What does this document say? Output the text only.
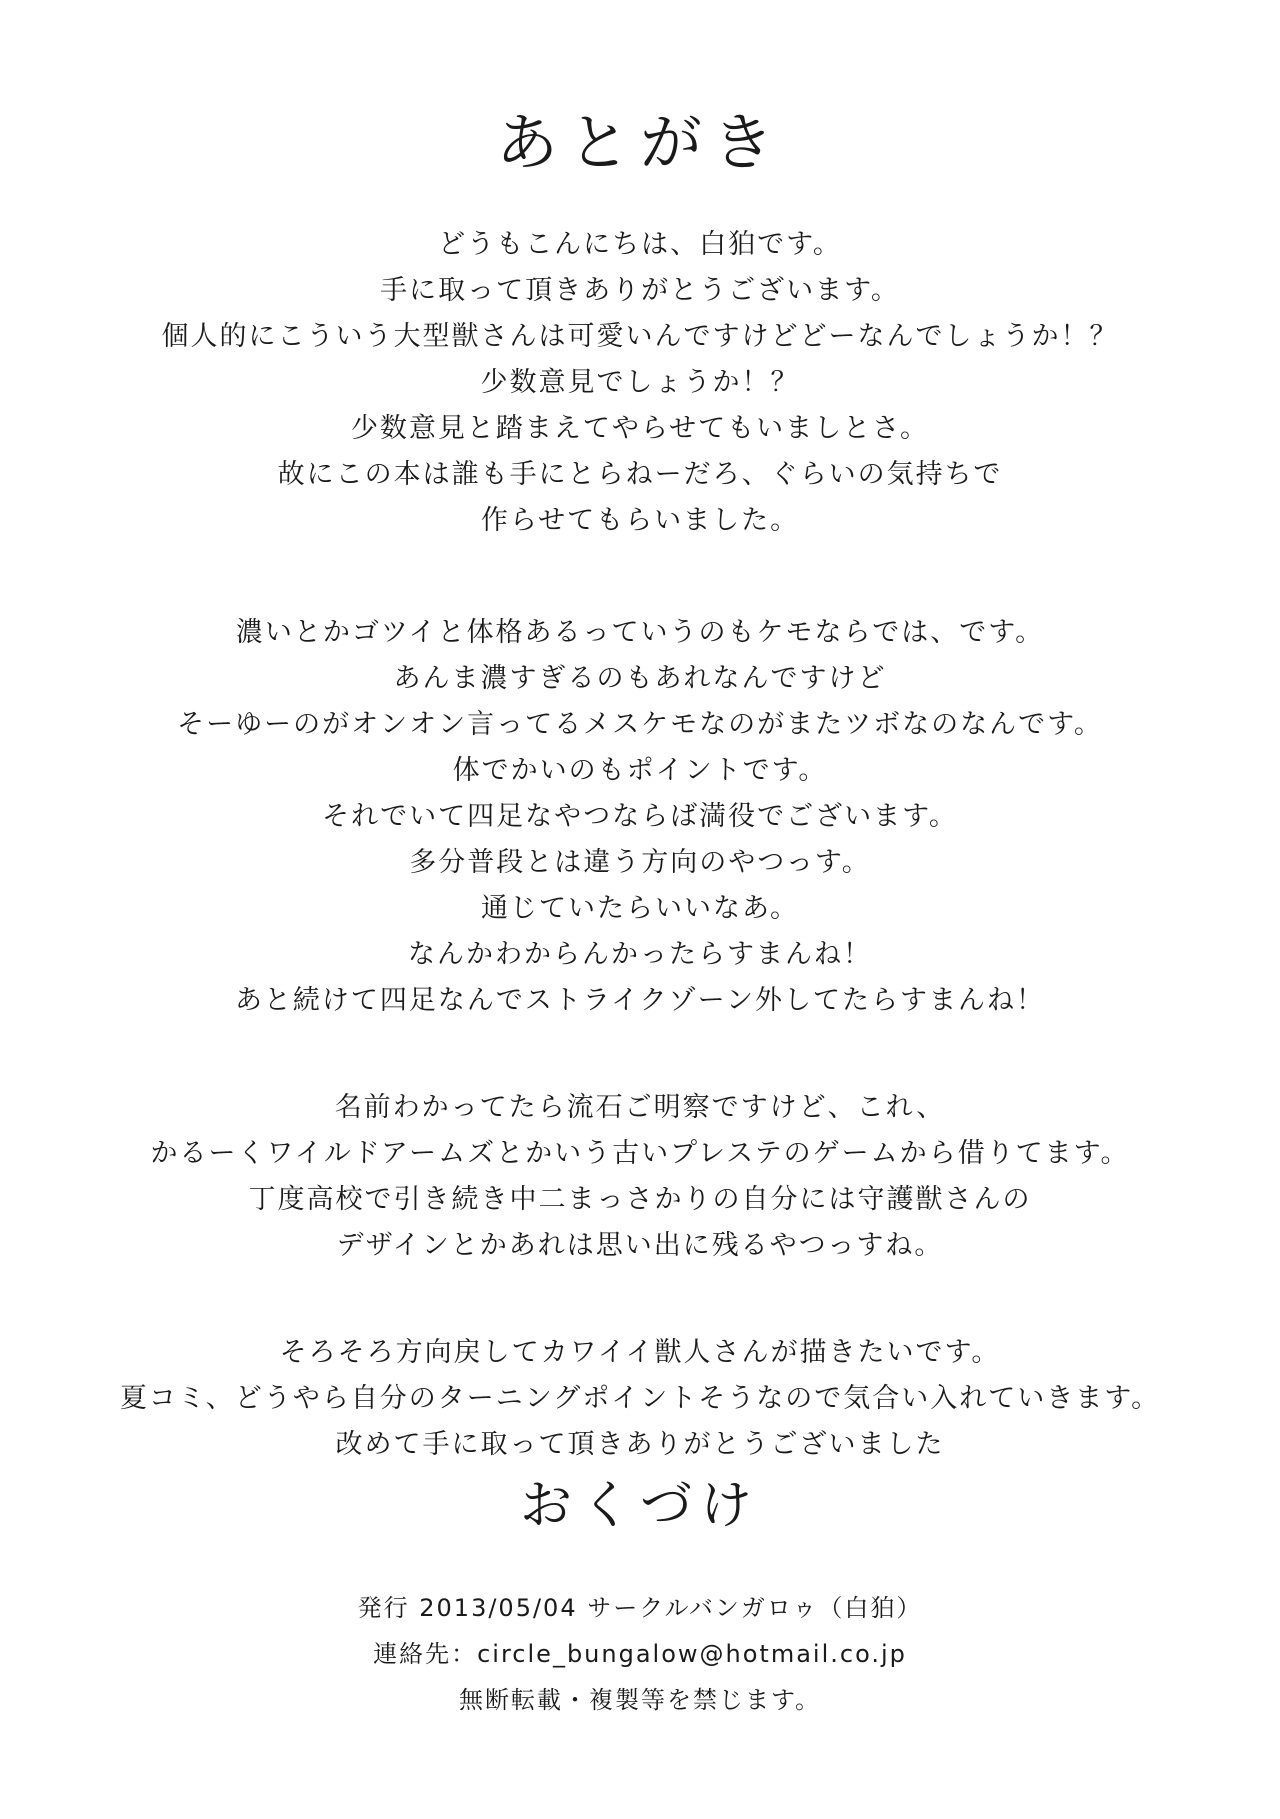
あとがき
どうもこんにちは、白狛です。
手に取って頂きありがとうございます。
個人的にこういう大型獣さんは可愛いんですけどどーなんでしょうか！？
少数意見でしょうか！？
少数意見と踏まえてやらせてもいましとさ。
故にこの本は誰も手にとらねーだろ、ぐらいの気持ちで
作らせてもらいました。
濃いとかゴツイと体格あるっていうのもケモならでは、です。
あんま濃すぎるのもあれなんですけど
そーゆーのがオンオン言ってるメスケモなのがまたツボなのなんです。
体でかいのもポイントです。
それでいて四足なやつならば満役でございます。
多分普段とは違う方向のやつっす。
通じていたらいいなあ。
なんかわからんかったらすまんね！
あと続けて四足なんでストライクゾーン外してたらすまんね！
名前わかってたら流石ご明察ですけど、これ、
かるーくワイルドアームズとかいう古いプレステのゲームから借りてます。
丁度高校で引き続き中二まっさかりの自分には守護獣さんの
デザインとかあれは思い出に残るやつっすね。
そろそろ方向戻してカワイイ獣人さんが描きたいです。
夏コミ、どうやら自分のターニングポイントそうなので気合い入れていきます。
改めて手に取って頂きありがとうございました
おくづけ
発行 2013/05/04 サークルバンガロゥ（白狛）
連絡先：circle_bungalow@hotmail.co.jp
無断転載・複製等を禁じます。
